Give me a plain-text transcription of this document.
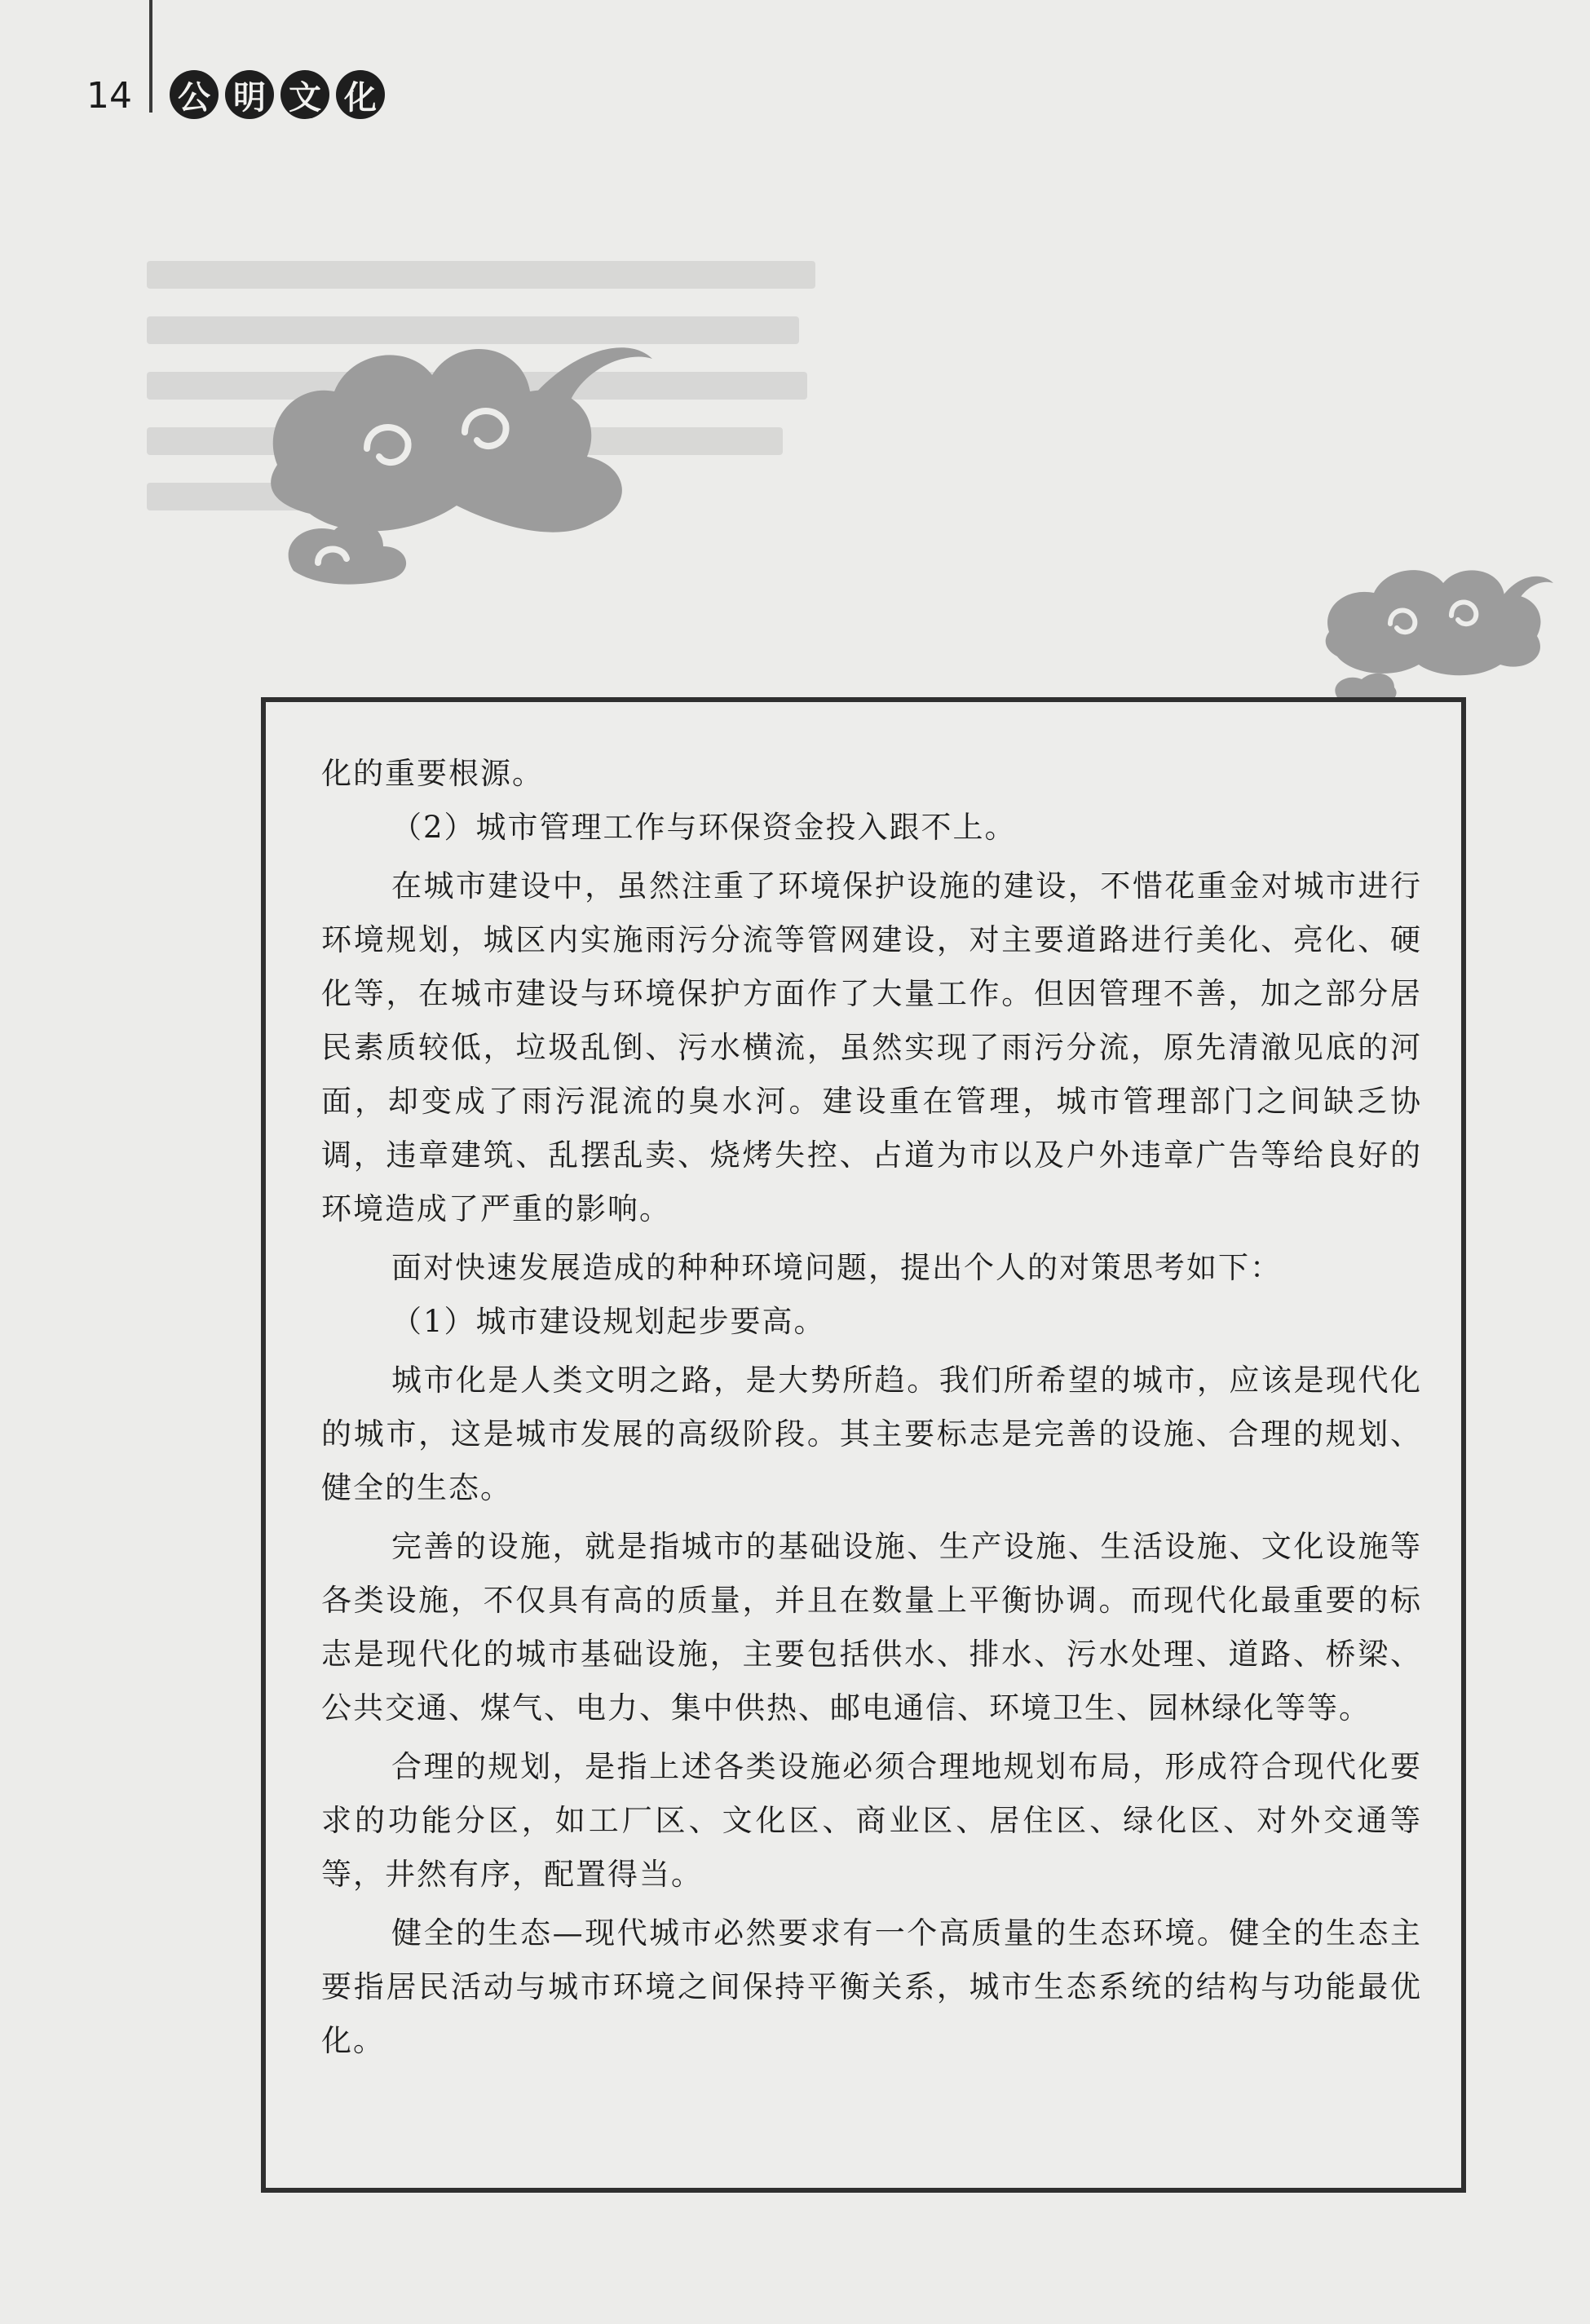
14 公 明 文 化

化的重要根源。

（2）城市管理工作与环保资金投入跟不上。

在城市建设中，虽然注重了环境保护设施的建设，不惜花重金对城市进行环境规划，城区内实施雨污分流等管网建设，对主要道路进行美化、亮化、硬化等，在城市建设与环境保护方面作了大量工作。但因管理不善，加之部分居民素质较低，垃圾乱倒、污水横流，虽然实现了雨污分流，原先清澈见底的河面，却变成了雨污混流的臭水河。建设重在管理，城市管理部门之间缺乏协调，违章建筑、乱摆乱卖、烧烤失控、占道为市以及户外违章广告等给良好的环境造成了严重的影响。

面对快速发展造成的种种环境问题，提出个人的对策思考如下：

（1）城市建设规划起步要高。

城市化是人类文明之路，是大势所趋。我们所希望的城市，应该是现代化的城市，这是城市发展的高级阶段。其主要标志是完善的设施、合理的规划、健全的生态。

完善的设施，就是指城市的基础设施、生产设施、生活设施、文化设施等各类设施，不仅具有高的质量，并且在数量上平衡协调。而现代化最重要的标志是现代化的城市基础设施，主要包括供水、排水、污水处理、道路、桥梁、公共交通、煤气、电力、集中供热、邮电通信、环境卫生、园林绿化等等。

合理的规划，是指上述各类设施必须合理地规划布局，形成符合现代化要求的功能分区，如工厂区、文化区、商业区、居住区、绿化区、对外交通等等，井然有序，配置得当。

健全的生态—现代城市必然要求有一个高质量的生态环境。健全的生态主要指居民活动与城市环境之间保持平衡关系，城市生态系统的结构与功能最优化。
